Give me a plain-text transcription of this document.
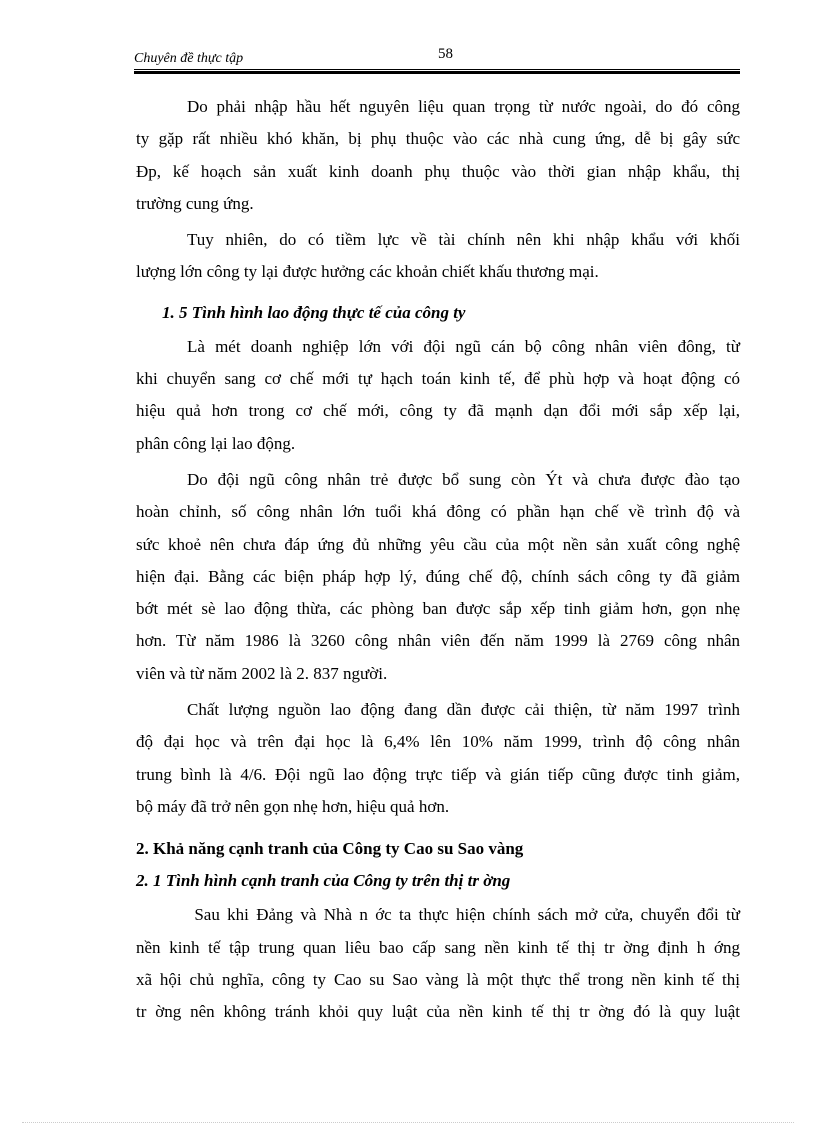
Chuyên đề thực tập	58

Do phải nhập hầu hết nguyên liệu quan trọng từ nước ngoài, do đó công
ty gặp rất nhiều khó khăn, bị phụ thuộc vào các nhà cung ứng, dễ bị gây sức
Đp, kế hoạch sản xuất kinh doanh phụ thuộc vào thời gian nhập khẩu, thị
trường cung ứng.

Tuy nhiên, do có tiềm lực về tài chính nên khi nhập khẩu với khối
lượng lớn công ty lại được hưởng các khoản chiết khấu thương mại.

1. 5 Tình hình lao động thực tế của công ty

Là mét doanh nghiệp lớn với đội ngũ cán bộ công nhân viên đông, từ
khi chuyển sang cơ chế mới tự hạch toán kinh tế, để phù hợp và hoạt động có
hiệu quả hơn trong cơ chế mới, công ty đã mạnh dạn đổi mới sắp xếp lại,
phân công lại lao động.

Do đội ngũ công nhân trẻ được bổ sung còn Ýt và chưa được đào tạo
hoàn chỉnh, số công nhân lớn tuổi khá đông có phần hạn chế về trình độ và
sức khoẻ nên chưa đáp ứng đủ những yêu cầu của một nền sản xuất công nghệ
hiện đại. Bằng các biện pháp hợp lý, đúng chế độ, chính sách công ty đã giảm
bớt mét sè lao động thừa, các phòng ban được sắp xếp tinh giảm hơn, gọn nhẹ
hơn. Từ năm 1986 là 3260 công nhân viên đến năm 1999 là 2769 công nhân
viên và từ năm 2002 là 2. 837 người.

Chất lượng nguồn lao động đang dần được cải thiện, từ năm 1997 trình
độ đại học và trên đại học là 6,4% lên 10% năm 1999, trình độ công nhân
trung bình là 4/6. Đội ngũ lao động trực tiếp và gián tiếp cũng được tinh giảm,
bộ máy đã trở nên gọn nhẹ hơn, hiệu quả hơn.

2. Khả năng cạnh tranh của Công ty Cao su Sao vàng

2. 1 Tình hình cạnh tranh của Công ty trên thị tr ờng

Sau khi Đảng và Nhà n ớc ta thực hiện chính sách mở cửa, chuyển đổi từ
nền kinh tế tập trung quan liêu bao cấp sang nền kinh tế thị tr ờng định h ớng
xã hội chủ nghĩa, công ty Cao su Sao vàng là một thực thể trong nền kinh tế thị
tr ờng nên không tránh khỏi quy luật của nền kinh tế thị tr ờng đó là quy luật
